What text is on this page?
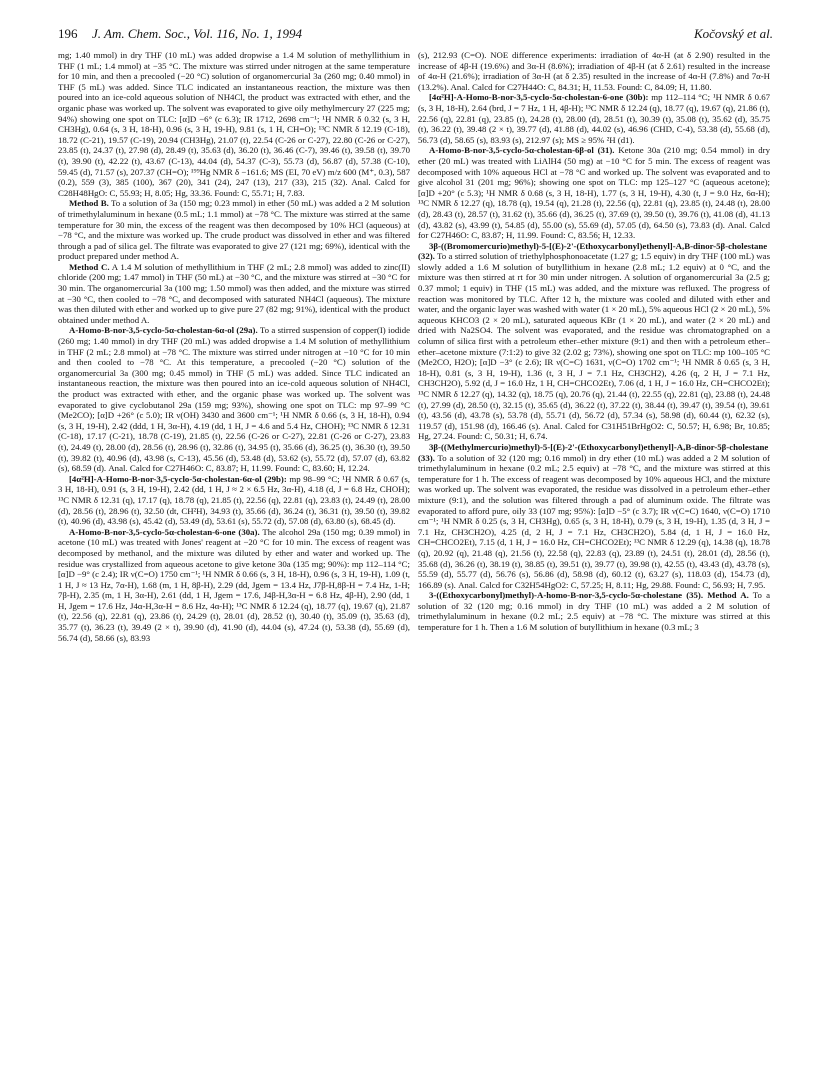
196 J. Am. Chem. Soc., Vol. 116, No. 1, 1994	Kočovský et al.

mg; 1.40 mmol) in dry THF (10 mL) was added dropwise a 1.4 M solution of methyllithium in THF (1 mL; 1.4 mmol) at −35 °C. The mixture was stirred under nitrogen at the same temperature for 10 min, and then a precooled (−20 °C) solution of organomercurial 3a (260 mg; 0.40 mmol) in THF (5 mL) was added. Since TLC indicated an instantaneous reaction, the mixture was then poured into an ice-cold aqueous solution of NH4Cl, the product was extracted with ether, and the organic phase was worked up. The solvent was evaporated to give oily methylmercury 27 (225 mg; 94%) showing one spot on TLC: [α]D −6° (c 6.3); IR 1712, 2698 cm⁻¹; ¹H NMR δ 0.32 (s, 3 H, CH3Hg), 0.64 (s, 3 H, 18-H), 0.96 (s, 3 H, 19-H), 9.81 (s, 1 H, CH=O); ¹³C NMR δ 12.19 (C-18), 18.72 (C-21), 19.57 (C-19), 20.94 (CH3Hg), 21.07 (t), 22.54 (C-26 or C-27), 22.80 (C-26 or C-27), 23.85 (t), 24.37 (t), 27.98 (d), 28.49 (t), 35.63 (d), 36.20 (t), 36.46 (C-7), 39.46 (t), 39.58 (t), 39.70 (t), 39.90 (t), 42.22 (t), 43.67 (C-13), 44.04 (d), 54.37 (C-3), 55.73 (d), 56.87 (d), 57.38 (C-10), 59.45 (d), 71.57 (s), 207.37 (CH=O); ¹⁹⁹Hg NMR δ −161.6; MS (EI, 70 eV) m/z 600 (M⁺, 0.3), 587 (0.2), 559 (3), 385 (100), 367 (20), 341 (24), 247 (13), 217 (33), 215 (32). Anal. Calcd for C28H48HgO: C, 55.93; H, 8.05; Hg, 33.36. Found: C, 55.71; H, 7.83.

Method B. To a solution of 3a (150 mg; 0.23 mmol) in ether (50 mL) was added a 2 M solution of trimethylaluminum in hexane (0.5 mL; 1.1 mmol) at −78 °C. The mixture was stirred at the same temperature for 30 min, the excess of the reagent was then decomposed by 10% HCl (aqueous) at −78 °C, and the mixture was worked up. The crude product was dissolved in ether and was filtered through a pad of silica gel. The filtrate was evaporated to give 27 (121 mg; 69%), identical with the product prepared under method A.

Method C. A 1.4 M solution of methyllithium in THF (2 mL; 2.8 mmol) was added to zinc(II) chloride (200 mg; 1.47 mmol) in THF (50 mL) at −30 °C, and the mixture was stirred at −30 °C for 30 min. The organomercurial 3a (100 mg; 1.50 mmol) was then added, and the mixture was stirred at −30 °C, then cooled to −78 °C, and decomposed with saturated NH4Cl (aqueous). The mixture was then diluted with ether and worked up to give pure 27 (82 mg; 91%), identical with the product obtained under method A.

A-Homo-B-nor-3,5-cyclo-5α-cholestan-6α-ol (29a). To a stirred suspension of copper(I) iodide (260 mg; 1.40 mmol) in dry THF (20 mL) was added dropwise a 1.4 M solution of methyllithium in THF (2 mL; 2.8 mmol) at −78 °C. The mixture was stirred under nitrogen at −10 °C for 10 min and then cooled to −78 °C. At this temperature, a precooled (−20 °C) solution of the organomercurial 3a (300 mg; 0.45 mmol) in THF (5 mL) was added. Since TLC indicated an instantaneous reaction, the mixture was then poured into an ice-cold aqueous solution of NH4Cl, the product was extracted with ether, and the organic phase was worked up. The solvent was evaporated to give cyclobutanol 29a (159 mg; 93%), showing one spot on TLC: mp 97–99 °C (Me2CO); [α]D +26° (c 5.0); IR ν(OH) 3430 and 3600 cm⁻¹; ¹H NMR δ 0.66 (s, 3 H, 18-H), 0.94 (s, 3 H, 19-H), 2.42 (ddd, 1 H, 3α-H), 4.19 (dd, 1 H, J = 4.6 and 5.4 Hz, CHOH); ¹³C NMR δ 12.31 (C-18), 17.17 (C-21), 18.78 (C-19), 21.85 (t), 22.56 (C-26 or C-27), 22.81 (C-26 or C-27), 23.83 (t), 24.49 (t), 28.00 (d), 28.56 (t), 28.96 (t), 32.86 (t), 34.95 (t), 35.66 (d), 36.25 (t), 36.30 (t), 39.50 (t), 39.82 (t), 40.96 (d), 43.98 (s, C-13), 45.56 (d), 53.48 (d), 53.62 (s), 55.72 (d), 57.07 (d), 63.82 (s), 68.59 (d). Anal. Calcd for C27H46O: C, 83.87; H, 11.99. Found: C, 83.60; H, 12.24.

[4α²H]-A-Homo-B-nor-3,5-cyclo-5α-cholestan-6α-ol (29b): mp 98–99 °C; ¹H NMR δ 0.67 (s, 3 H, 18-H), 0.91 (s, 3 H, 19-H), 2.42 (dd, 1 H, J ≈ 2 × 6.5 Hz, 3α-H), 4.18 (d, J = 6.8 Hz, CHOH); ¹³C NMR δ 12.31 (q), 17.17 (q), 18.78 (q), 21.85 (t), 22.56 (q), 22.81 (q), 23.83 (t), 24.49 (t), 28.00 (d), 28.56 (t), 28.96 (t), 32.50 (dt, CH²H), 34.93 (t), 35.66 (d), 36.24 (t), 36.31 (t), 39.50 (t), 39.82 (t), 40.96 (d), 43.98 (s), 45.42 (d), 53.49 (d), 53.61 (s), 55.72 (d), 57.08 (d), 63.80 (s), 68.45 (d).

A-Homo-B-nor-3,5-cyclo-5α-cholestan-6-one (30a). The alcohol 29a (150 mg; 0.39 mmol) in acetone (10 mL) was treated with Jones' reagent at −20 °C for 10 min. The excess of reagent was decomposed by methanol, and the mixture was diluted by ether and water and worked up. The residue was crystallized from aqueous acetone to give ketone 30a (135 mg; 90%): mp 112–114 °C; [α]D −9° (c 2.4); IR ν(C=O) 1750 cm⁻¹; ¹H NMR δ 0.66 (s, 3 H, 18-H), 0.96 (s, 3 H, 19-H), 1.09 (t, 1 H, J ≈ 13 Hz, 7α-H), 1.68 (m, 1 H, 8β-H), 2.29 (dd, Jgem = 13.4 Hz, J7β-H,8β-H = 7.4 Hz, 1-H; 7β-H), 2.35 (m, 1 H, 3α-H), 2.61 (dd, 1 H, Jgem = 17.6, J4β-H,3α-H = 6.8 Hz, 4β-H), 2.90 (dd, 1 H, Jgem = 17.6 Hz, J4α-H,3α-H = 8.6 Hz, 4α-H); ¹³C NMR δ 12.24 (q), 18.77 (q), 19.67 (q), 21.87 (t), 22.56 (q), 22.81 (q), 23.86 (t), 24.29 (t), 28.01 (d), 28.52 (t), 30.40 (t), 35.09 (t), 35.63 (d), 35.77 (t), 36.23 (t), 39.49 (2 × t), 39.90 (d), 41.90 (d), 44.04 (s), 47.24 (t), 53.38 (d), 55.69 (d), 56.74 (d), 58.66 (s), 83.93

(s), 212.93 (C=O). NOE difference experiments: irradiation of 4α-H (at δ 2.90) resulted in the increase of 4β-H (19.6%) and 3α-H (8.6%); irradiation of 4β-H (at δ 2.61) resulted in the increase of 4α-H (21.6%); irradiation of 3α-H (at δ 2.35) resulted in the increase of 4α-H (7.8%) and 7α-H (13.2%). Anal. Calcd for C27H44O: C, 84.31; H, 11.53. Found: C, 84.09; H, 11.80.

[4α²H]-A-Homo-B-nor-3,5-cyclo-5α-cholestan-6-one (30b): mp 112–114 °C; ¹H NMR δ 0.67 (s, 3 H, 18-H), 2.64 (brd, J = 7 Hz, 1 H, 4β-H); ¹³C NMR δ 12.24 (q), 18.77 (q), 19.67 (q), 21.86 (t), 22.56 (q), 22.81 (q), 23.85 (t), 24.28 (t), 28.00 (d), 28.51 (t), 30.39 (t), 35.08 (t), 35.62 (d), 35.75 (t), 36.22 (t), 39.48 (2 × t), 39.77 (d), 41.88 (d), 44.02 (s), 46.96 (CHD, C-4), 53.38 (d), 55.68 (d), 56.73 (d), 58.65 (s), 83.93 (s), 212.97 (s); MS ≥ 95% ²H (d1).

A-Homo-B-nor-3,5-cyclo-5α-cholestan-6β-ol (31). Ketone 30a (210 mg; 0.54 mmol) in dry ether (20 mL) was treated with LiAlH4 (50 mg) at −10 °C for 5 min. The excess of reagent was decomposed with 10% aqueous HCl at −78 °C and worked up. The solvent was evaporated and to give alcohol 31 (201 mg; 96%); showing one spot on TLC: mp 125–127 °C (aqueous acetone); [α]D +20° (c 5.3); ¹H NMR δ 0.68 (s, 3 H, 18-H), 1.77 (s, 3 H, 19-H), 4.30 (t, J = 9.0 Hz, 6α-H); ¹³C NMR δ 12.27 (q), 18.78 (q), 19.54 (q), 21.28 (t), 22.56 (q), 22.81 (q), 23.85 (t), 24.48 (t), 28.00 (d), 28.43 (t), 28.57 (t), 31.62 (t), 35.66 (d), 36.25 (t), 37.69 (t), 39.50 (t), 39.76 (t), 41.08 (d), 41.13 (d), 43.82 (s), 43.99 (t), 54.85 (d), 55.00 (s), 55.69 (d), 57.05 (d), 64.50 (s), 73.83 (d). Anal. Calcd for C27H46O: C, 83.87; H, 11.99. Found: C, 83.56; H, 12.33.

3β-((Bromomercurio)methyl)-5-[(E)-2'-(Ethoxycarbonyl)ethenyl]-A,B-dinor-5β-cholestane (32). To a stirred solution of triethylphosphonoacetate (1.27 g; 1.5 equiv) in dry THF (100 mL) was slowly added a 1.6 M solution of butyllithium in hexane (2.8 mL; 1.2 equiv) at 0 °C, and the mixture was then stirred at rt for 30 min under nitrogen. A solution of organomercurial 3a (2.5 g; 0.37 mmol; 1 equiv) in THF (15 mL) was added, and the mixture was refluxed. The progress of reaction was monitored by TLC. After 12 h, the mixture was cooled and diluted with ether and water, and the organic layer was washed with water (1 × 20 mL), 5% aqueous HCl (2 × 20 mL), 5% aqueous KHCO3 (2 × 20 mL), saturated aqueous KBr (1 × 20 mL), and water (2 × 20 mL) and dried with Na2SO4. The solvent was evaporated, and the residue was chromatographed on a column of silica first with a petroleum ether–ether mixture (9:1) and then with a petroleum ether–ether–acetone mixture (7:1:2) to give 32 (2.02 g; 73%), showing one spot on TLC: mp 100–105 °C (Me2CO, H2O); [α]D −3° (c 2.6); IR ν(C=C) 1631, ν(C=O) 1702 cm⁻¹; ¹H NMR δ 0.65 (s, 3 H, 18-H), 0.81 (s, 3 H, 19-H), 1.36 (t, 3 H, J = 7.1 Hz, CH3CH2), 4.26 (q, 2 H, J = 7.1 Hz, CH3CH2O), 5.92 (d, J = 16.0 Hz, 1 H, CH=CHCO2Et), 7.06 (d, 1 H, J = 16.0 Hz, CH=CHCO2Et); ¹³C NMR δ 12.27 (q), 14.32 (q), 18.75 (q), 20.76 (q), 21.44 (t), 22.55 (q), 22.81 (q), 23.88 (t), 24.48 (t), 27.99 (d), 28.50 (t), 32.15 (t), 35.65 (d), 36.22 (t), 37.22 (t), 38.44 (t), 39.47 (t), 39.54 (t), 39.61 (t), 43.56 (d), 43.78 (s), 53.78 (d), 55.71 (d), 56.72 (d), 57.34 (s), 58.98 (d), 60.44 (t), 62.32 (s), 119.57 (d), 151.98 (d), 166.46 (s). Anal. Calcd for C31H51BrHgO2: C, 50.57; H, 6.98; Br, 10.85; Hg, 27.24. Found: C, 50.31; H, 6.74.

3β-((Methylmercurio)methyl)-5-[(E)-2'-(Ethoxycarbonyl)ethenyl]-A,B-dinor-5β-cholestane (33). To a solution of 32 (120 mg; 0.16 mmol) in dry ether (10 mL) was added a 2 M solution of trimethylaluminum in hexane (0.2 mL; 2.5 equiv) at −78 °C, and the mixture was stirred at this temperature for 1 h. The excess of reagent was decomposed by 10% aqueous HCl, and the mixture was worked up. The solvent was evaporated, the residue was dissolved in a petroleum ether–ether mixture (9:1), and the solution was filtered through a pad of aluminum oxide. The filtrate was evaporated to afford pure, oily 33 (107 mg; 95%): [α]D −5° (c 3.7); IR ν(C=C) 1640, ν(C=O) 1710 cm⁻¹; ¹H NMR δ 0.25 (s, 3 H, CH3Hg), 0.65 (s, 3 H, 18-H), 0.79 (s, 3 H, 19-H), 1.35 (d, 3 H, J = 7.1 Hz, CH3CH2O), 4.25 (d, 2 H, J = 7.1 Hz, CH3CH2O), 5.84 (d, 1 H, J = 16.0 Hz, CH=CHCO2Et), 7.15 (d, 1 H, J = 16.0 Hz, CH=CHCO2Et); ¹³C NMR δ 12.29 (q), 14.38 (q), 18.78 (q), 20.92 (q), 21.48 (q), 21.56 (t), 22.58 (q), 22.83 (q), 23.89 (t), 24.51 (t), 28.01 (d), 28.56 (t), 35.68 (d), 36.26 (t), 38.19 (t), 38.85 (t), 39.51 (t), 39.77 (t), 39.98 (t), 42.55 (t), 43.43 (d), 43.78 (s), 55.59 (d), 55.77 (d), 56.76 (s), 56.86 (d), 58.98 (d), 60.12 (t), 63.27 (s), 118.03 (d), 154.73 (d), 166.89 (s). Anal. Calcd for C32H54HgO2: C, 57.25; H, 8.11; Hg, 29.88. Found: C, 56.93; H, 7.95.

3-((Ethoxycarbonyl)methyl)-A-homo-B-nor-3,5-cyclo-5α-cholestane (35). Method A. To a solution of 32 (120 mg; 0.16 mmol) in dry THF (10 mL) was added a 2 M solution of trimethylaluminum in hexane (0.2 mL; 2.5 equiv) at −78 °C. The mixture was stirred at this temperature for 1 h. Then a 1.6 M solution of butyllithium in hexane (0.3 mL; 3
